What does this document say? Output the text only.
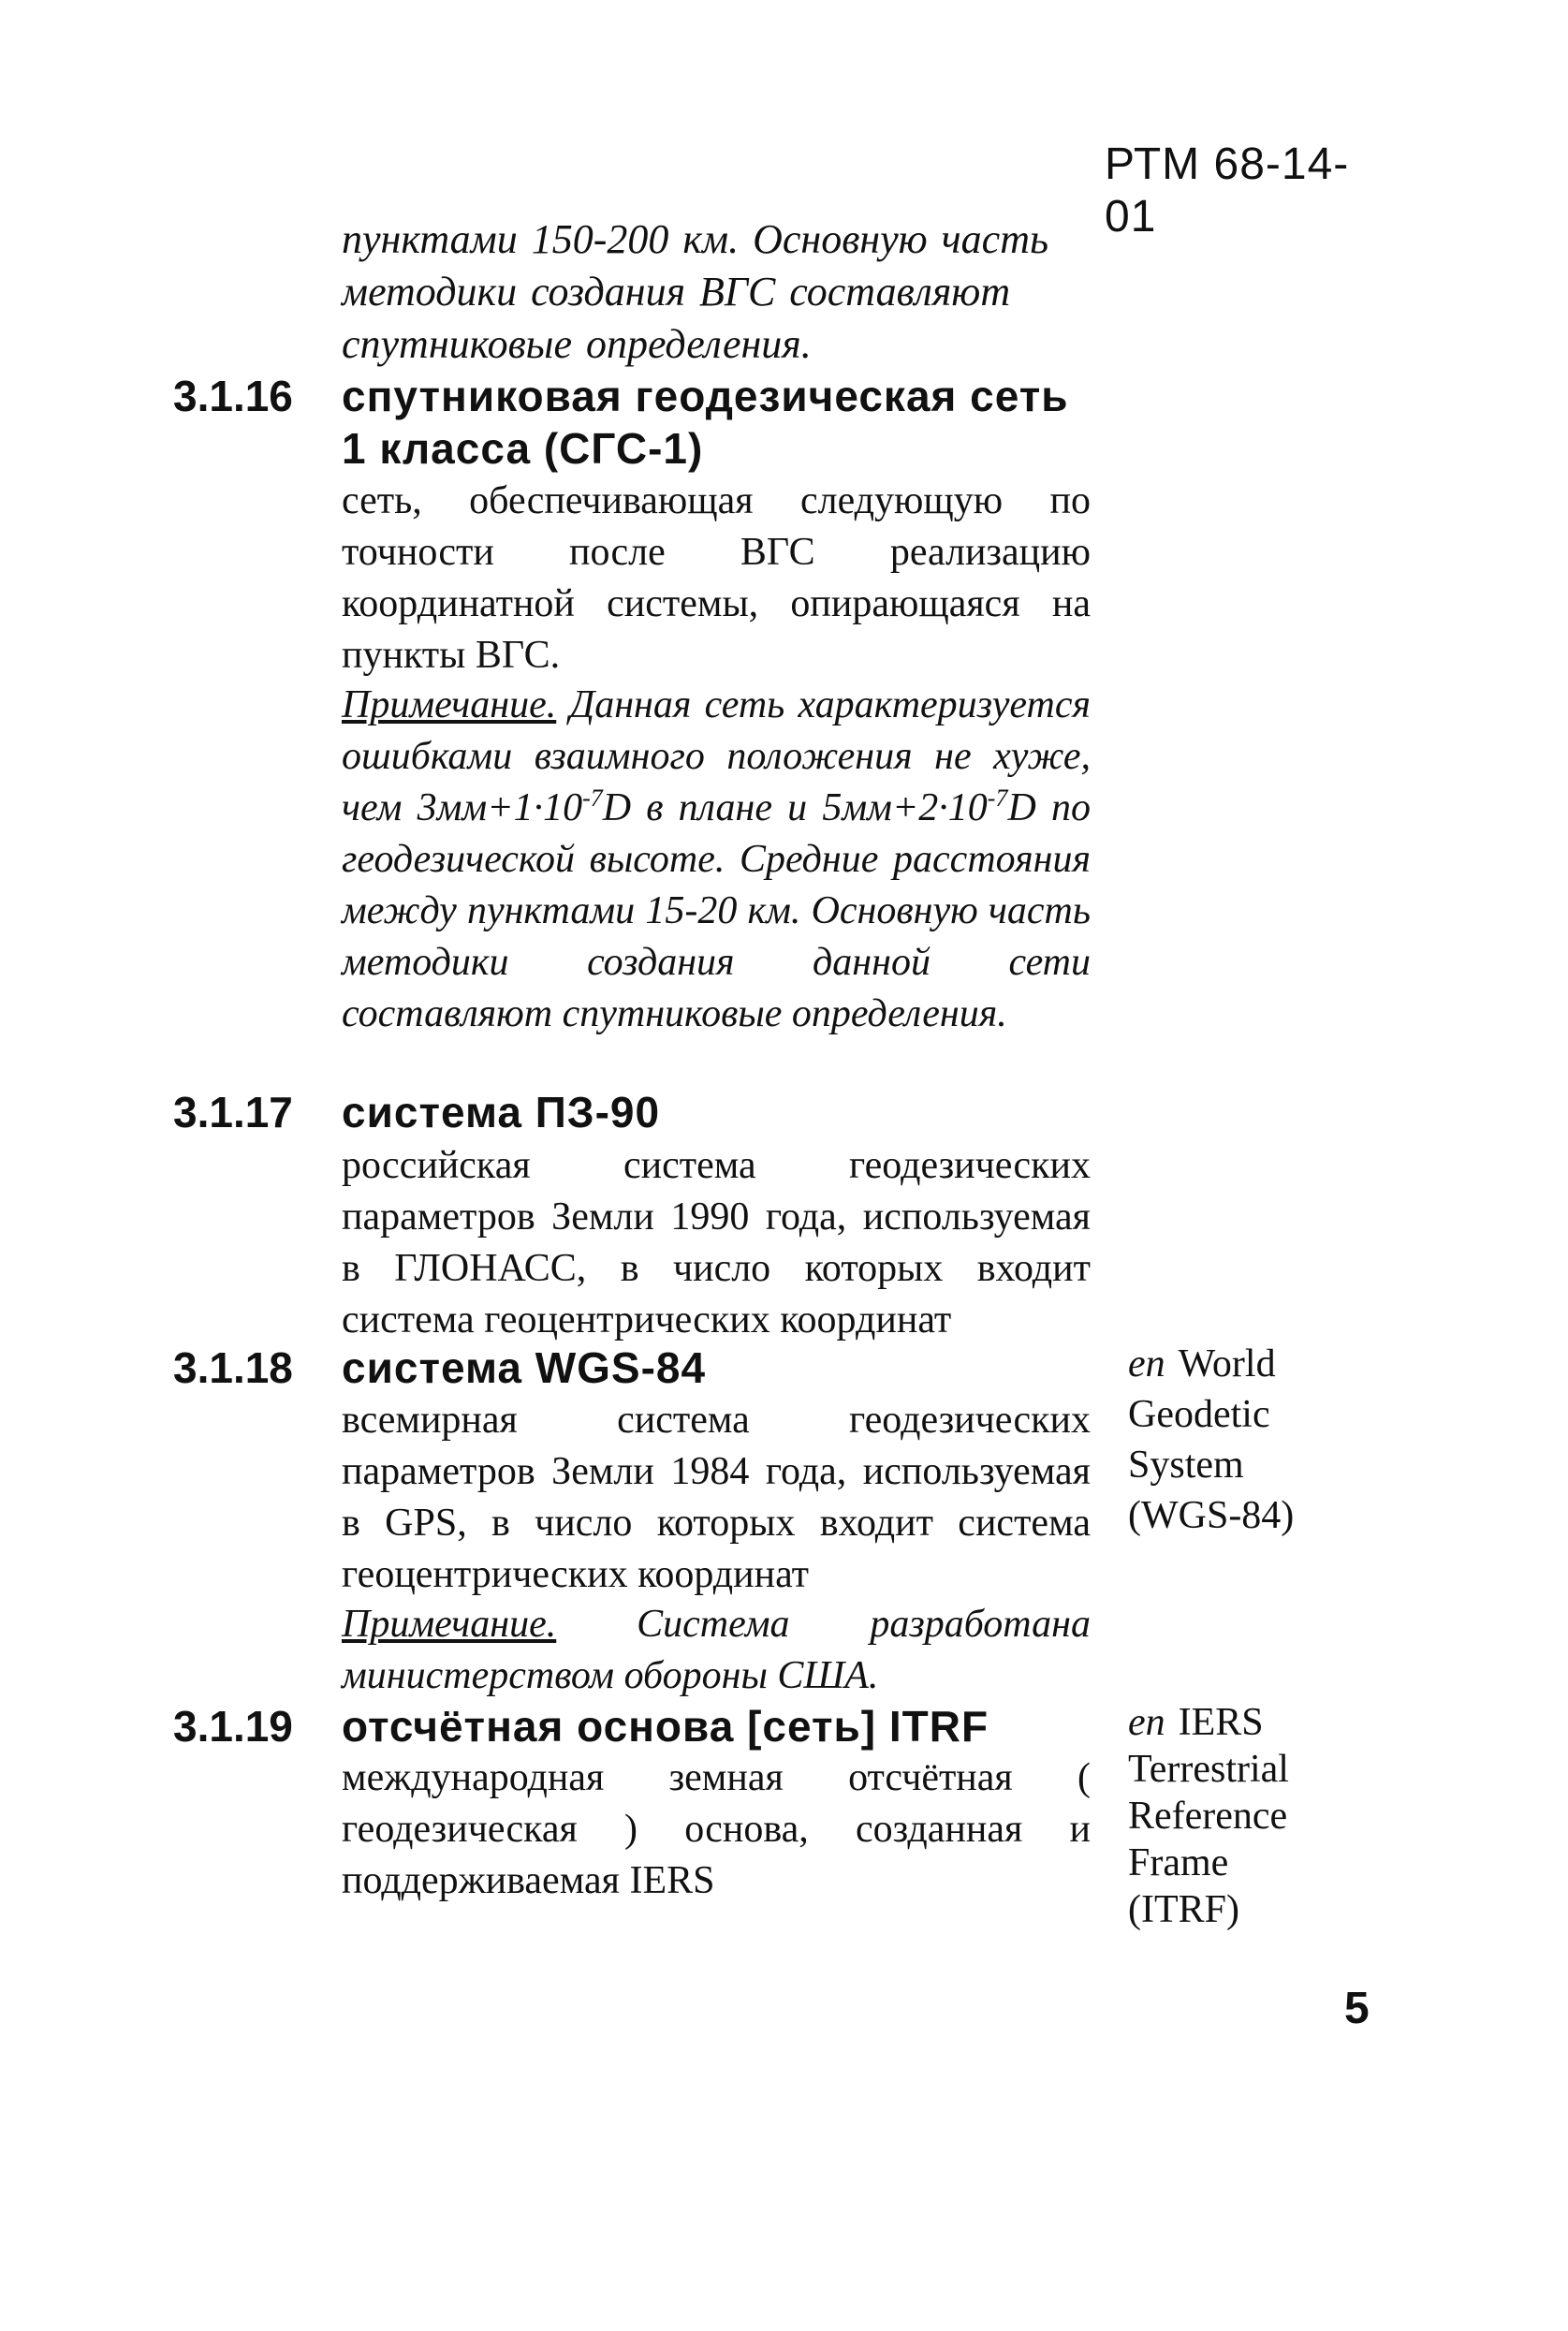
РТМ 68-14-01

пунктами 150-200 км. Основную часть
методики создания ВГС составляют
спутниковые определения.

3.1.16	спутниковая геодезическая сеть
1 класса (СГС-1)

сеть, обеспечивающая следующую по точности после ВГС реализацию координатной системы, опирающаяся на пункты ВГС.

Примечание. Данная сеть характеризуется ошибками взаимного положения не хуже, чем $3мм+1\cdot 10^{-7}D$ в плане и $5мм+2\cdot 10^{-7}D$ по геодезической высоте. Средние расстояния между пунктами 15-20 км. Основную часть методики создания данной сети составляют спутниковые определения.

3.1.17	система ПЗ-90

российская система геодезических параметров Земли 1990 года, используемая в ГЛОНАСС, в число которых входит система геоцентрических координат

3.1.18	система WGS-84

всемирная система геодезических параметров Земли 1984 года, используемая в GPS, в число которых входит система геоцентрических координат

Примечание. Система разработана министерством обороны США.

en World
Geodetic
System
(WGS-84)

3.1.19	отсчётная основа [сеть] ITRF

международная земная отсчётная ( геодезическая ) основа, созданная и поддерживаемая IERS

en IERS
Terrestrial
Reference
Frame
(ITRF)

5
